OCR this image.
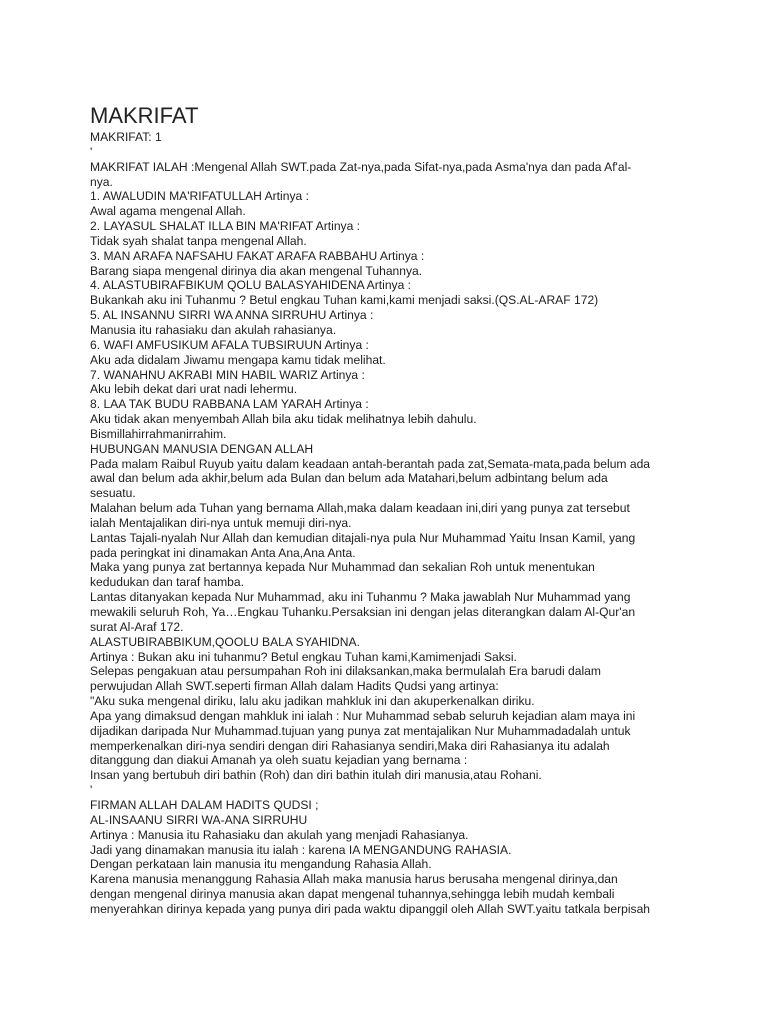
MAKRIFAT
MAKRIFAT: 1
'
MAKRIFAT IALAH :Mengenal Allah SWT.pada Zat-nya,pada Sifat-nya,pada Asma'nya dan pada Af'al-
nya.
1. AWALUDIN MA'RIFATULLAH Artinya :
Awal agama mengenal Allah.
2. LAYASUL SHALAT ILLA BIN MA'RIFAT Artinya :
Tidak syah shalat tanpa mengenal Allah.
3. MAN ARAFA NAFSAHU FAKAT ARAFA RABBAHU Artinya :
Barang siapa mengenal dirinya dia akan mengenal Tuhannya.
4. ALASTUBIRAFBIKUM QOLU BALASYAHIDENA Artinya :
Bukankah aku ini Tuhanmu ? Betul engkau Tuhan kami,kami menjadi saksi.(QS.AL-ARAF 172)
5. AL INSANNU SIRRI WA ANNA SIRRUHU Artinya :
Manusia itu rahasiaku dan akulah rahasianya.
6. WAFI AMFUSIKUM AFALA TUBSIRUUN Artinya :
Aku ada didalam Jiwamu mengapa kamu tidak melihat.
7. WANAHNU AKRABI MIN HABIL WARIZ Artinya :
Aku lebih dekat dari urat nadi lehermu.
8. LAA TAK BUDU RABBANA LAM YARAH Artinya :
Aku tidak akan menyembah Allah bila aku tidak melihatnya lebih dahulu.
Bismillahirrahmanirrahim.
HUBUNGAN MANUSIA DENGAN ALLAH
Pada malam Raibul Ruyub yaitu dalam keadaan antah-berantah pada zat,Semata-mata,pada belum ada
awal dan belum ada akhir,belum ada Bulan dan belum ada Matahari,belum adbintang belum ada
sesuatu.
Malahan belum ada Tuhan yang bernama Allah,maka dalam keadaan ini,diri yang punya zat tersebut
ialah Mentajalikan diri-nya untuk memuji diri-nya.
Lantas Tajali-nyalah Nur Allah dan kemudian ditajali-nya pula Nur Muhammad Yaitu Insan Kamil, yang
pada peringkat ini dinamakan Anta Ana,Ana Anta.
Maka yang punya zat bertannya kepada Nur Muhammad dan sekalian Roh untuk menentukan
kedudukan dan taraf hamba.
Lantas ditanyakan kepada Nur Muhammad, aku ini Tuhanmu ? Maka jawablah Nur Muhammad yang
mewakili seluruh Roh, Ya…Engkau Tuhanku.Persaksian ini dengan jelas diterangkan dalam Al-Qur'an
surat Al-Araf 172.
ALASTUBIRABBIKUM,QOOLU BALA SYAHIDNA.
Artinya : Bukan aku ini tuhanmu? Betul engkau Tuhan kami,Kamimenjadi Saksi.
Selepas pengakuan atau persumpahan Roh ini dilaksankan,maka bermulalah Era barudi dalam
perwujudan Allah SWT.seperti firman Allah dalam Hadits Qudsi yang artinya:
"Aku suka mengenal diriku, lalu aku jadikan mahkluk ini dan akuperkenalkan diriku.
Apa yang dimaksud dengan mahkluk ini ialah : Nur Muhammad sebab seluruh kejadian alam maya ini
dijadikan daripada Nur Muhammad.tujuan yang punya zat mentajalikan Nur Muhammadadalah untuk
memperkenalkan diri-nya sendiri dengan diri Rahasianya sendiri,Maka diri Rahasianya itu adalah
ditanggung dan diakui Amanah ya oleh suatu kejadian yang bernama :
Insan yang bertubuh diri bathin (Roh) dan diri bathin itulah diri manusia,atau Rohani.
'
FIRMAN ALLAH DALAM HADITS QUDSI ;
AL-INSAANU SIRRI WA-ANA SIRRUHU
Artinya : Manusia itu Rahasiaku dan akulah yang menjadi Rahasianya.
Jadi yang dinamakan manusia itu ialah : karena IA MENGANDUNG RAHASIA.
Dengan perkataan lain manusia itu mengandung Rahasia Allah.
Karena manusia menanggung Rahasia Allah maka manusia harus berusaha mengenal dirinya,dan
dengan mengenal dirinya manusia akan dapat mengenal tuhannya,sehingga lebih mudah kembali
menyerahkan dirinya kepada yang punya diri pada waktu dipanggil oleh Allah SWT.yaitu tatkala berpisah
